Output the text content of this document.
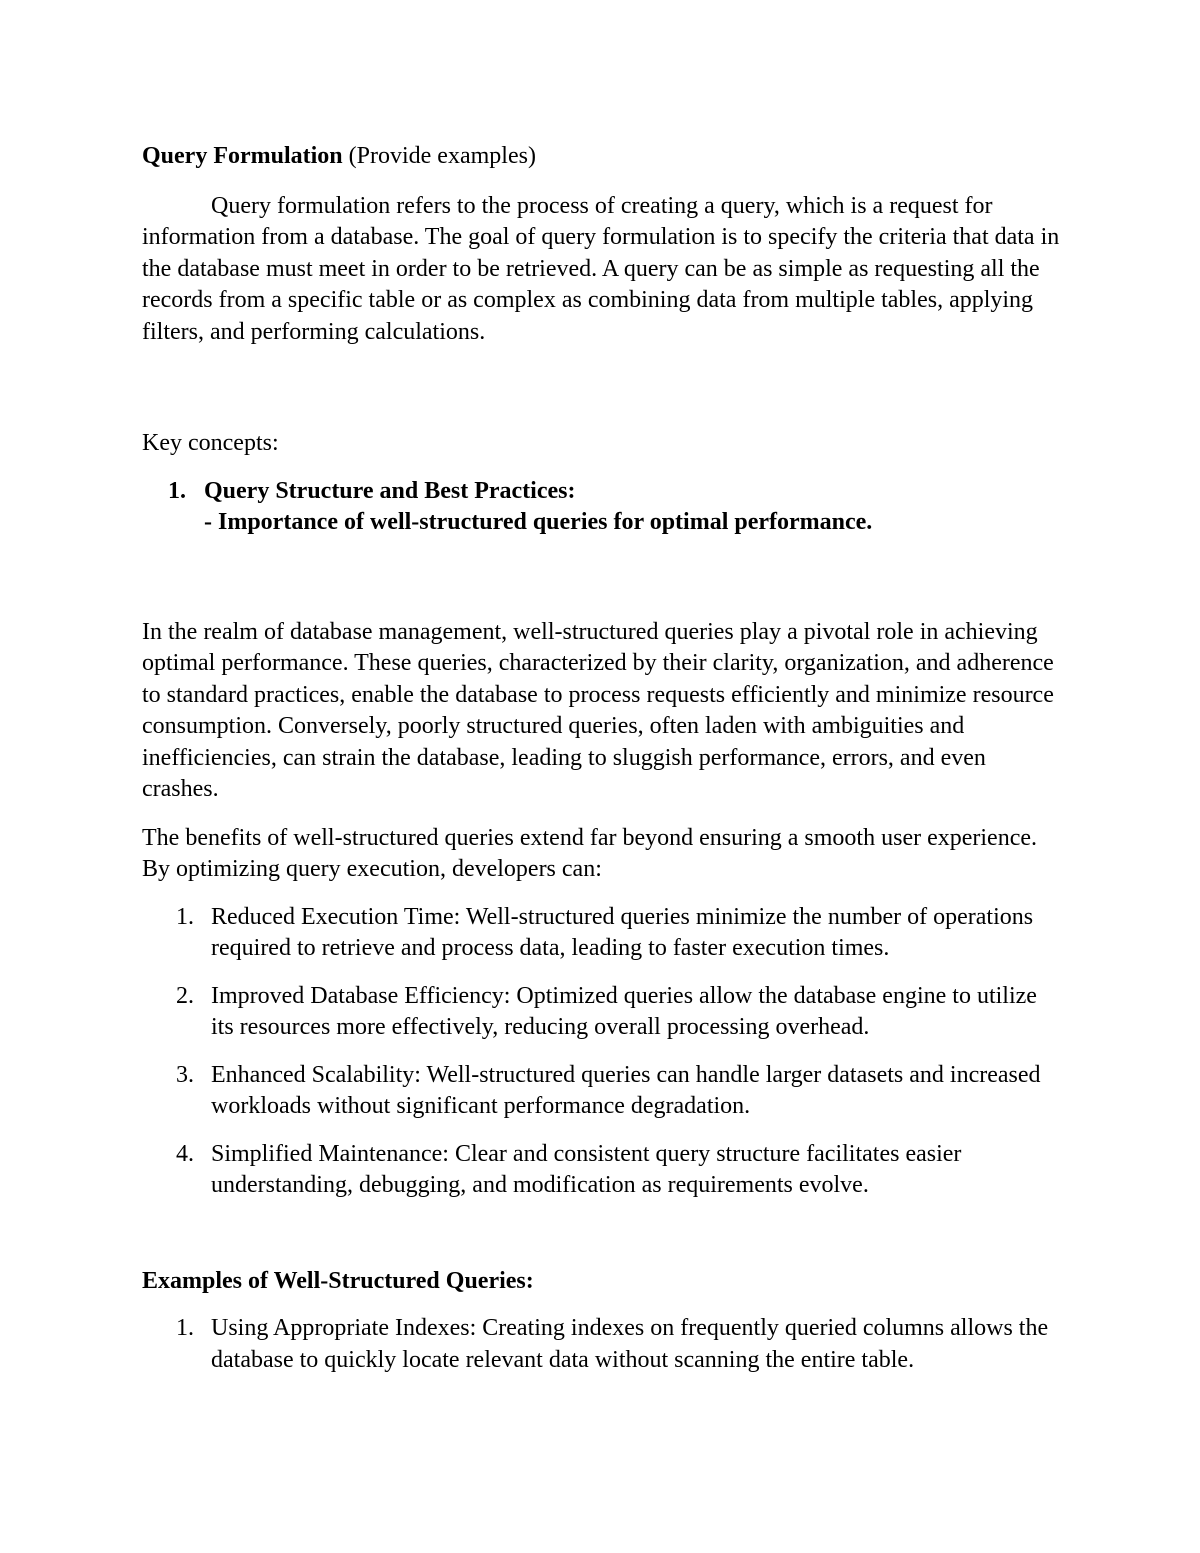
Query Formulation (Provide examples)

Query formulation refers to the process of creating a query, which is a request for information from a database. The goal of query formulation is to specify the criteria that data in the database must meet in order to be retrieved. A query can be as simple as requesting all the records from a specific table or as complex as combining data from multiple tables, applying filters, and performing calculations.

Key concepts:

1. Query Structure and Best Practices:
- Importance of well-structured queries for optimal performance.

In the realm of database management, well-structured queries play a pivotal role in achieving optimal performance. These queries, characterized by their clarity, organization, and adherence to standard practices, enable the database to process requests efficiently and minimize resource consumption. Conversely, poorly structured queries, often laden with ambiguities and inefficiencies, can strain the database, leading to sluggish performance, errors, and even crashes.

The benefits of well-structured queries extend far beyond ensuring a smooth user experience. By optimizing query execution, developers can:

1. Reduced Execution Time: Well-structured queries minimize the number of operations required to retrieve and process data, leading to faster execution times.
2. Improved Database Efficiency: Optimized queries allow the database engine to utilize its resources more effectively, reducing overall processing overhead.
3. Enhanced Scalability: Well-structured queries can handle larger datasets and increased workloads without significant performance degradation.
4. Simplified Maintenance: Clear and consistent query structure facilitates easier understanding, debugging, and modification as requirements evolve.

Examples of Well-Structured Queries:

1. Using Appropriate Indexes: Creating indexes on frequently queried columns allows the database to quickly locate relevant data without scanning the entire table.
